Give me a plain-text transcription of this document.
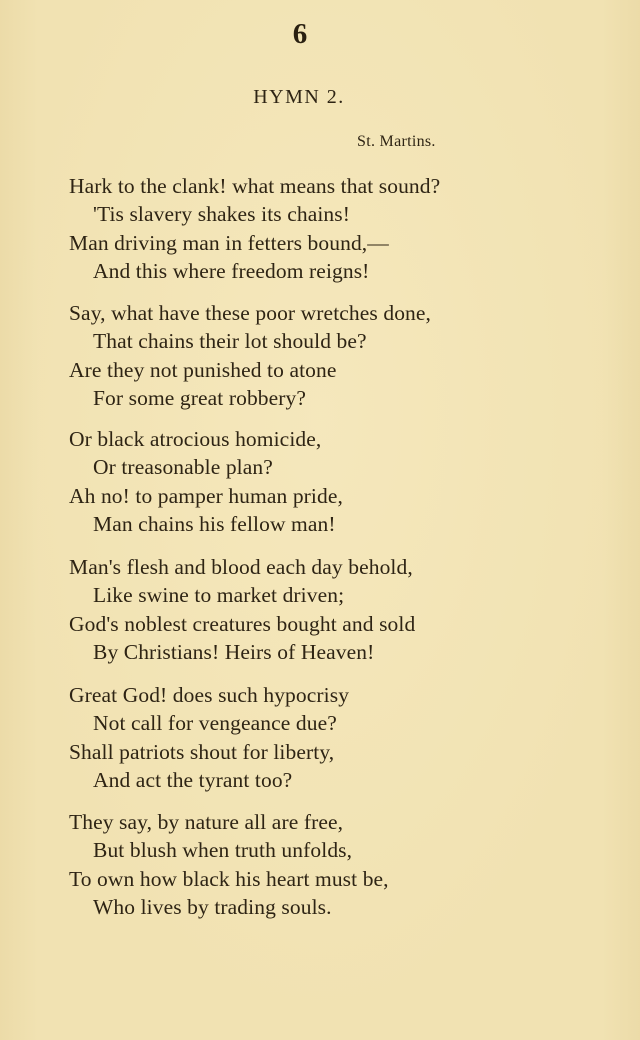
6
HYMN 2.
St. Martins.
Hark to the clank! what means that sound?
'Tis slavery shakes its chains!
Man driving man in fetters bound,—
And this where freedom reigns!
Say, what have these poor wretches done,
That chains their lot should be?
Are they not punished to atone
For some great robbery?
Or black atrocious homicide,
Or treasonable plan?
Ah no! to pamper human pride,
Man chains his fellow man!
Man's flesh and blood each day behold,
Like swine to market driven;
God's noblest creatures bought and sold
By Christians! Heirs of Heaven!
Great God! does such hypocrisy
Not call for vengeance due?
Shall patriots shout for liberty,
And act the tyrant too?
They say, by nature all are free,
But blush when truth unfolds,
To own how black his heart must be,
Who lives by trading souls.
